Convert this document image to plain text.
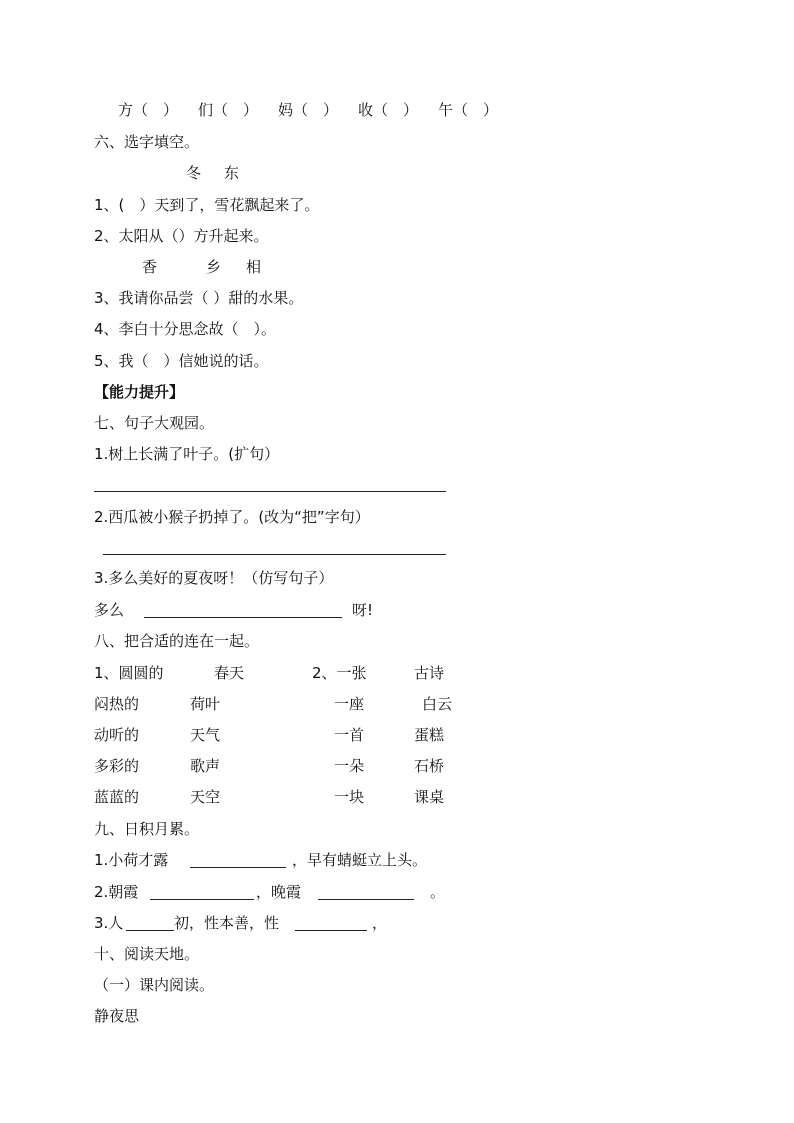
方（　） 们（　） 妈（　） 收（　） 午（　）
六、选字填空。
冬 东
1、(　）天到了，雪花飘起来了。
2、太阳从（）方升起来。
香	乡 相
3、我请你品尝（ ）甜的水果。
4、李白十分思念故（　）。
5、我（　）信她说的话。
【能力提升】
七、句子大观园。
1.树上长满了叶子。(扩句）
2.西瓜被小猴子扔掉了。(改为“把”字句）
3.多么美好的夏夜呀！（仿写句子）
多么	呀!
八、把合适的连在一起。
1、圆圆的	春天	2、一张	古诗
闷热的	荷叶	一座	白云
动听的	天气	一首	蛋糕
多彩的	歌声	一朵	石桥
蓝蓝的	天空	一块	课桌
九、日积月累。
1.小荷才露	，早有蜻蜓立上头。
2.朝霞	，晚霞	。
3.人	初，性本善，性	，
十、阅读天地。
（一）课内阅读。
静夜思
